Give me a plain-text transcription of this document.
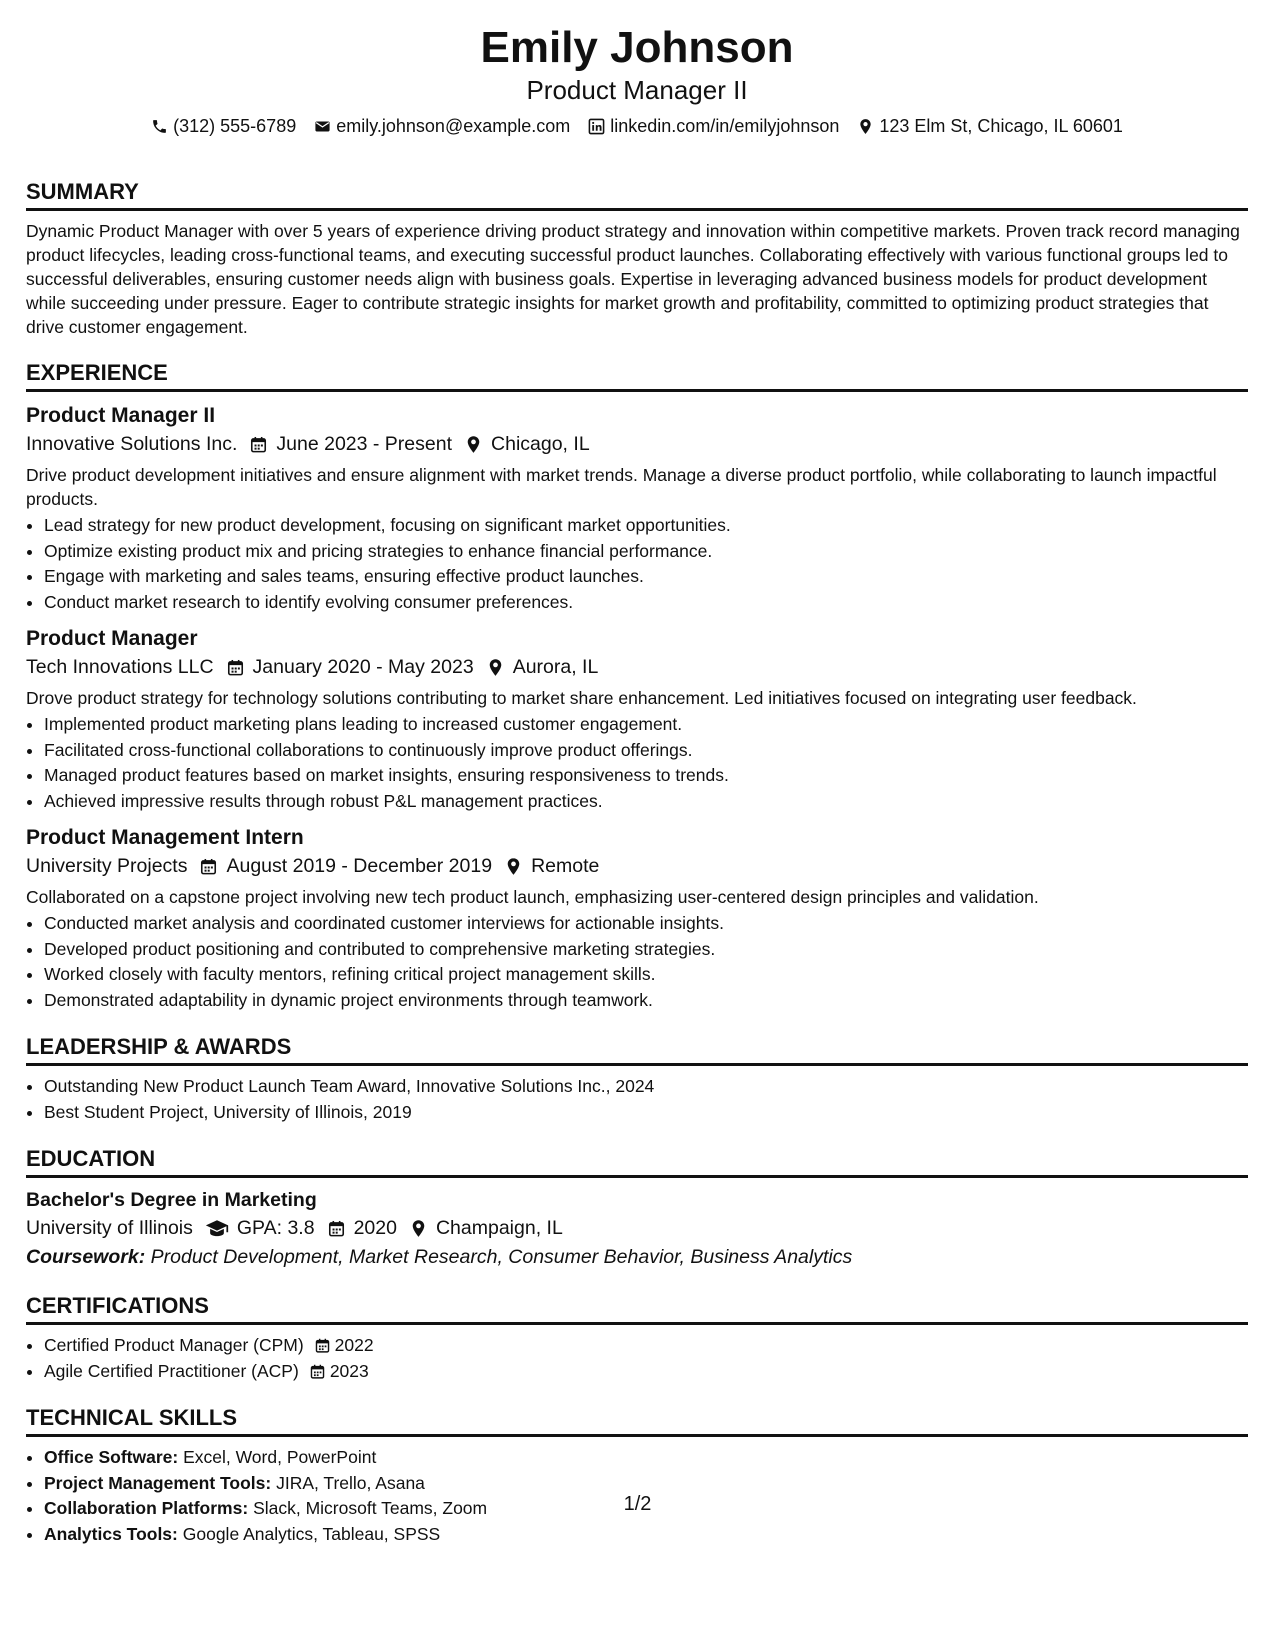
Emily Johnson
Product Manager II
(312) 555-6789 emily.johnson@example.com linkedin.com/in/emilyjohnson 123 Elm St, Chicago, IL 60601
SUMMARY
Dynamic Product Manager with over 5 years of experience driving product strategy and innovation within competitive markets. Proven track record managing product lifecycles, leading cross-functional teams, and executing successful product launches. Collaborating effectively with various functional groups led to successful deliverables, ensuring customer needs align with business goals. Expertise in leveraging advanced business models for product development while succeeding under pressure. Eager to contribute strategic insights for market growth and profitability, committed to optimizing product strategies that drive customer engagement.
EXPERIENCE
Product Manager II
Innovative Solutions Inc. June 2023 - Present Chicago, IL
Drive product development initiatives and ensure alignment with market trends. Manage a diverse product portfolio, while collaborating to launch impactful products.
• Lead strategy for new product development, focusing on significant market opportunities.
• Optimize existing product mix and pricing strategies to enhance financial performance.
• Engage with marketing and sales teams, ensuring effective product launches.
• Conduct market research to identify evolving consumer preferences.
Product Manager
Tech Innovations LLC January 2020 - May 2023 Aurora, IL
Drove product strategy for technology solutions contributing to market share enhancement. Led initiatives focused on integrating user feedback.
• Implemented product marketing plans leading to increased customer engagement.
• Facilitated cross-functional collaborations to continuously improve product offerings.
• Managed product features based on market insights, ensuring responsiveness to trends.
• Achieved impressive results through robust P&L management practices.
Product Management Intern
University Projects August 2019 - December 2019 Remote
Collaborated on a capstone project involving new tech product launch, emphasizing user-centered design principles and validation.
• Conducted market analysis and coordinated customer interviews for actionable insights.
• Developed product positioning and contributed to comprehensive marketing strategies.
• Worked closely with faculty mentors, refining critical project management skills.
• Demonstrated adaptability in dynamic project environments through teamwork.
LEADERSHIP & AWARDS
• Outstanding New Product Launch Team Award, Innovative Solutions Inc., 2024
• Best Student Project, University of Illinois, 2019
EDUCATION
Bachelor's Degree in Marketing
University of Illinois GPA: 3.8 2020 Champaign, IL
Coursework: Product Development, Market Research, Consumer Behavior, Business Analytics
CERTIFICATIONS
• Certified Product Manager (CPM) 2022
• Agile Certified Practitioner (ACP) 2023
TECHNICAL SKILLS
• Office Software: Excel, Word, PowerPoint
• Project Management Tools: JIRA, Trello, Asana
• Collaboration Platforms: Slack, Microsoft Teams, Zoom
• Analytics Tools: Google Analytics, Tableau, SPSS
1/2
